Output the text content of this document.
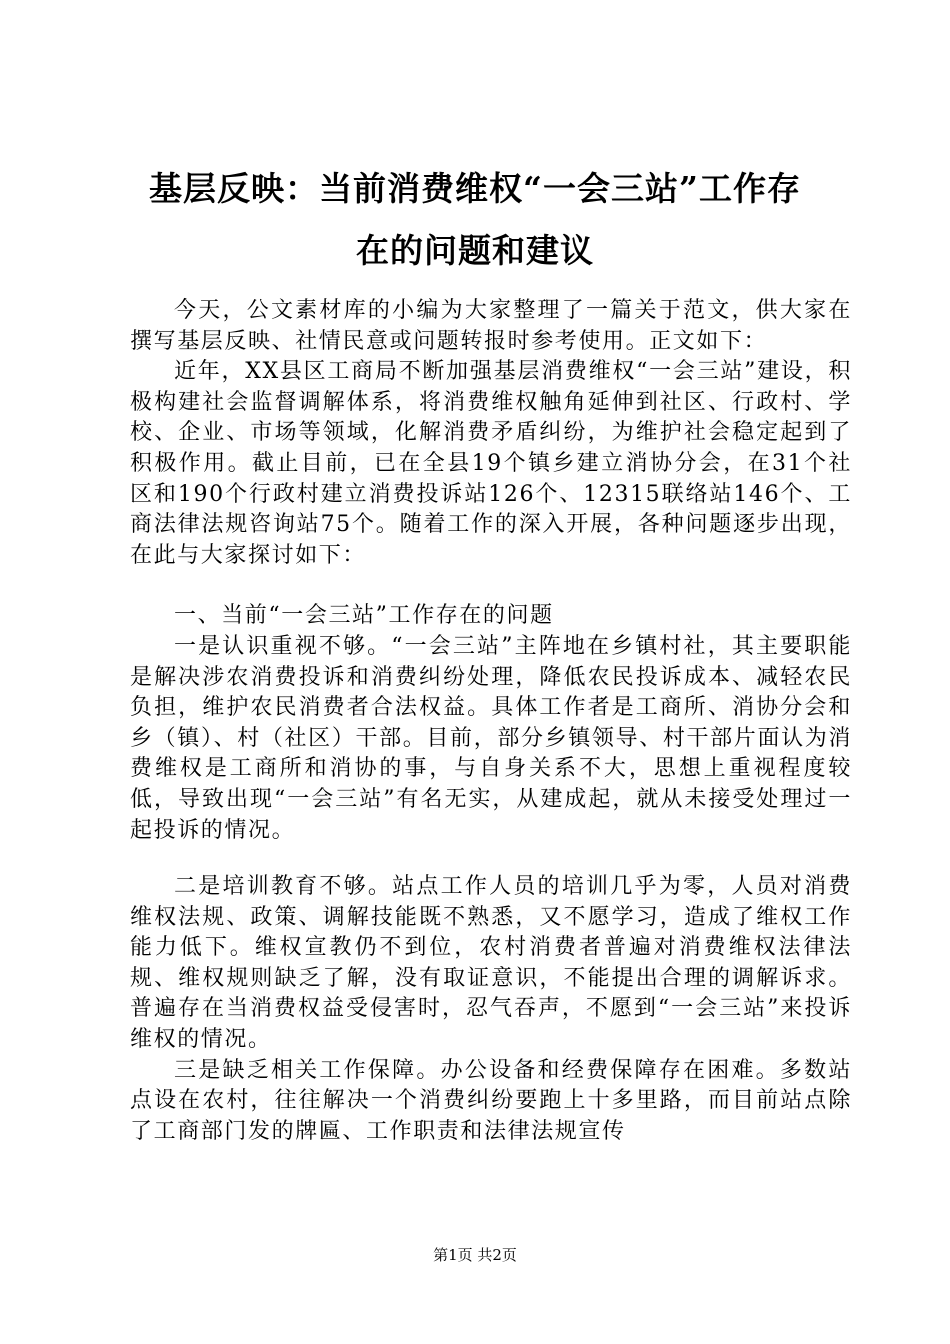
基层反映：当前消费维权“一会三站”工作存
在的问题和建议

今天，公文素材库的小编为大家整理了一篇关于范文，供大家在撰写基层反映、社情民意或问题转报时参考使用。正文如下：

近年，XX县区工商局不断加强基层消费维权“一会三站”建设，积极构建社会监督调解体系，将消费维权触角延伸到社区、行政村、学校、企业、市场等领域，化解消费矛盾纠纷，为维护社会稳定起到了积极作用。截止目前，已在全县19个镇乡建立消协分会，在31个社区和190个行政村建立消费投诉站126个、12315联络站146个、工商法律法规咨询站75个。随着工作的深入开展，各种问题逐步出现，在此与大家探讨如下：

一、当前“一会三站”工作存在的问题

一是认识重视不够。“一会三站”主阵地在乡镇村社，其主要职能是解决涉农消费投诉和消费纠纷处理，降低农民投诉成本、减轻农民负担，维护农民消费者合法权益。具体工作者是工商所、消协分会和乡（镇）、村（社区）干部。目前，部分乡镇领导、村干部片面认为消费维权是工商所和消协的事，与自身关系不大，思想上重视程度较低，导致出现“一会三站”有名无实，从建成起，就从未接受处理过一起投诉的情况。

二是培训教育不够。站点工作人员的培训几乎为零，人员对消费维权法规、政策、调解技能既不熟悉，又不愿学习，造成了维权工作能力低下。维权宣教仍不到位，农村消费者普遍对消费维权法律法规、维权规则缺乏了解，没有取证意识，不能提出合理的调解诉求。普遍存在当消费权益受侵害时，忍气吞声，不愿到“一会三站”来投诉维权的情况。

三是缺乏相关工作保障。办公设备和经费保障存在困难。多数站点设在农村，往往解决一个消费纠纷要跑上十多里路，而目前站点除了工商部门发的牌匾、工作职责和法律法规宣传

第1页 共2页
